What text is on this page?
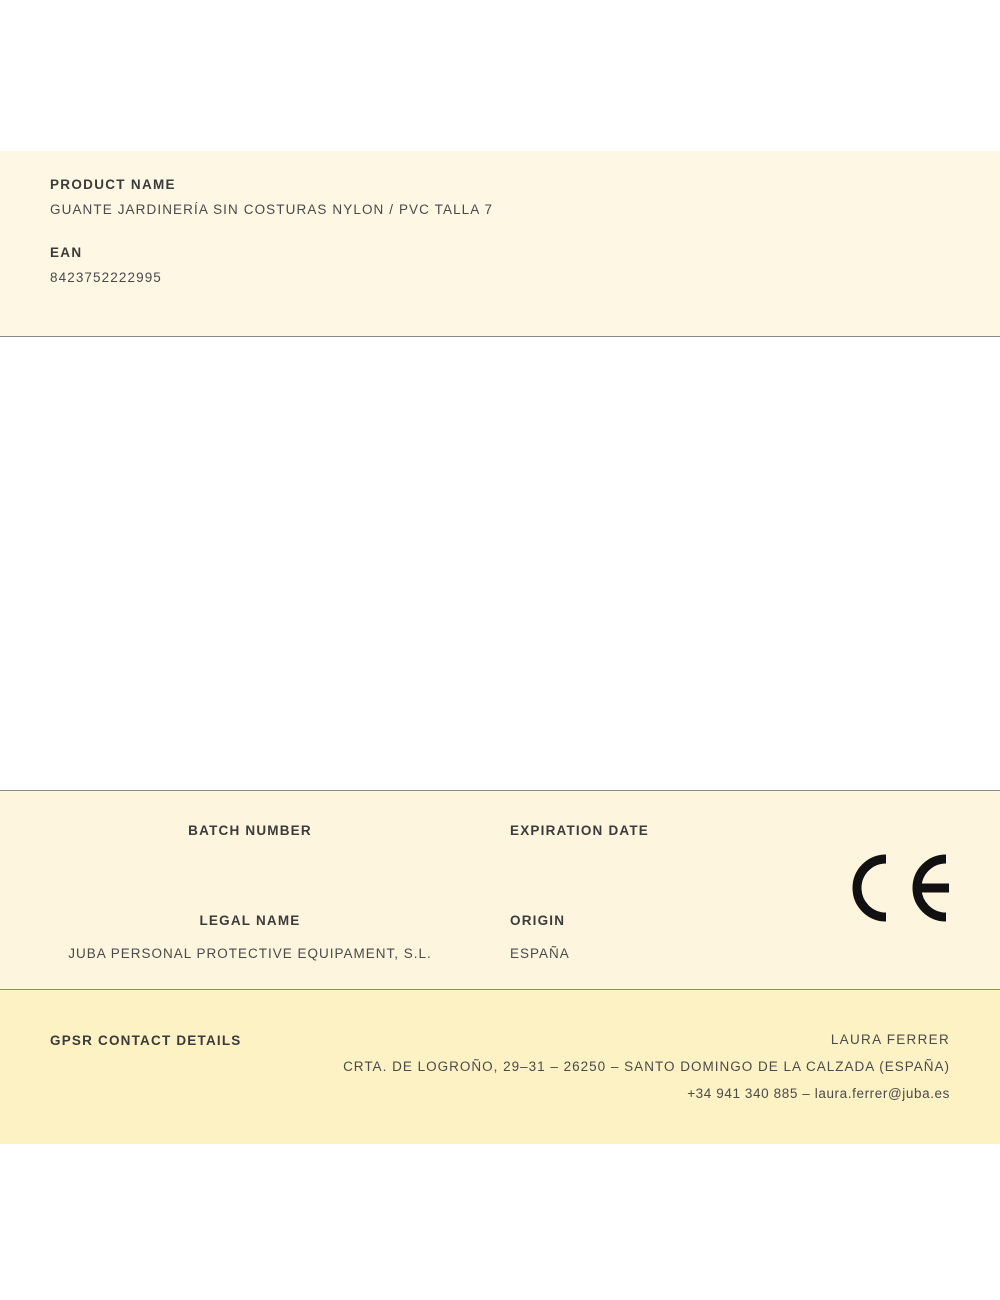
PRODUCT NAME

GUANTE JARDINERÍA SIN COSTURAS NYLON / PVC TALLA 7

EAN

8423752222995

BATCH NUMBER	EXPIRATION DATE

LEGAL NAME

JUBA PERSONAL PROTECTIVE EQUIPAMENT, S.L.

ORIGIN

ESPAÑA

GPSR CONTACT DETAILS	LAURA FERRER
CRTA. DE LOGROÑO, 29–31 – 26250 – SANTO DOMINGO DE LA CALZADA (ESPAÑA)
+34 941 340 885 – laura.ferrer@juba.es
